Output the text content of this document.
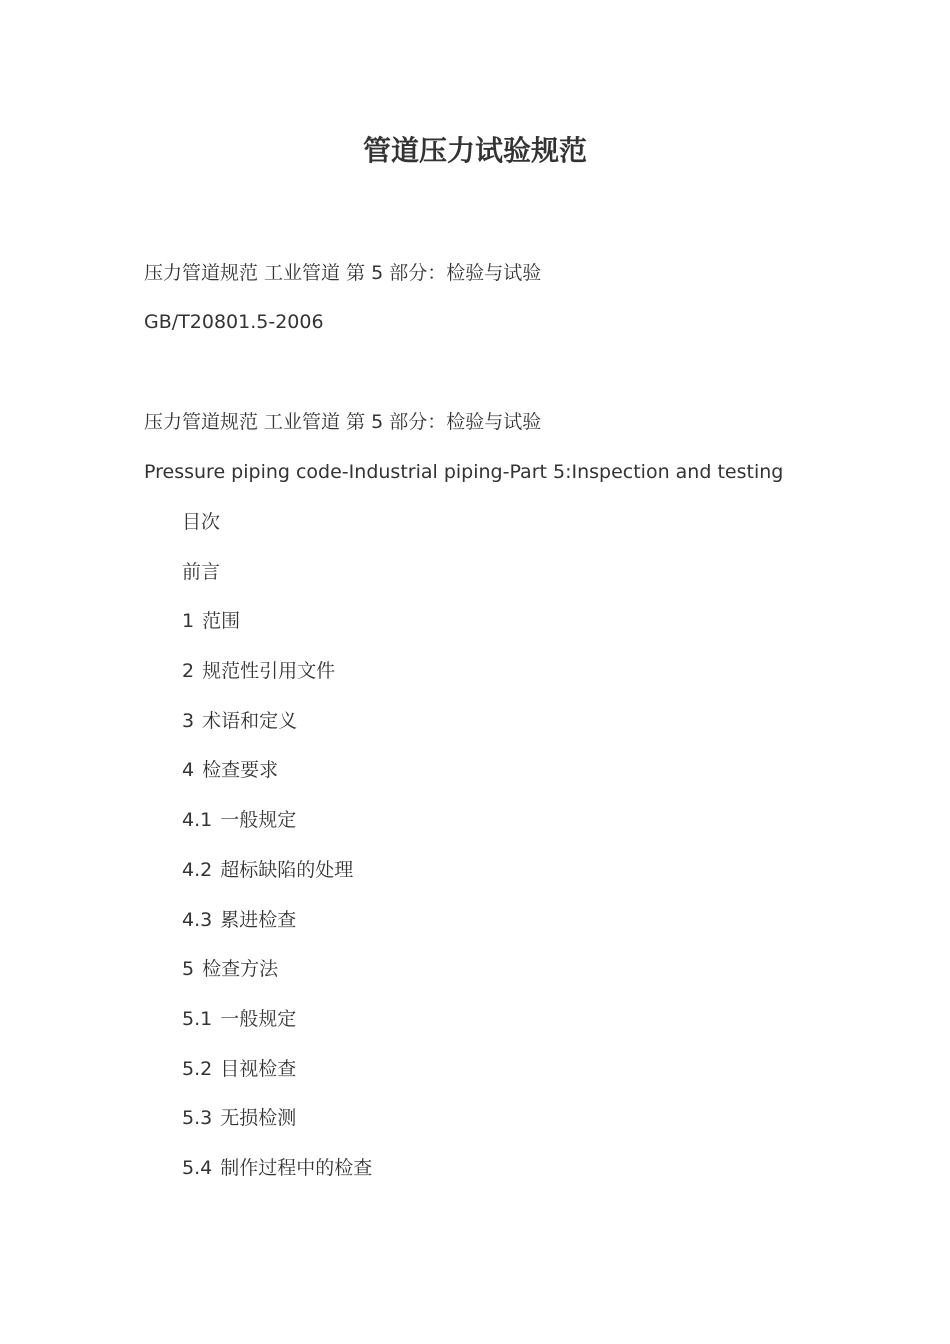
管道压力试验规范
压力管道规范 工业管道 第 5 部分：检验与试验
GB/T20801.5-2006
压力管道规范 工业管道 第 5 部分：检验与试验
Pressure piping code-Industrial piping-Part 5:Inspection and testing
目次
前言
1 范围
2 规范性引用文件
3 术语和定义
4 检查要求
4.1 一般规定
4.2 超标缺陷的处理
4.3 累进检查
5 检查方法
5.1 一般规定
5.2 目视检查
5.3 无损检测
5.4 制作过程中的检查
